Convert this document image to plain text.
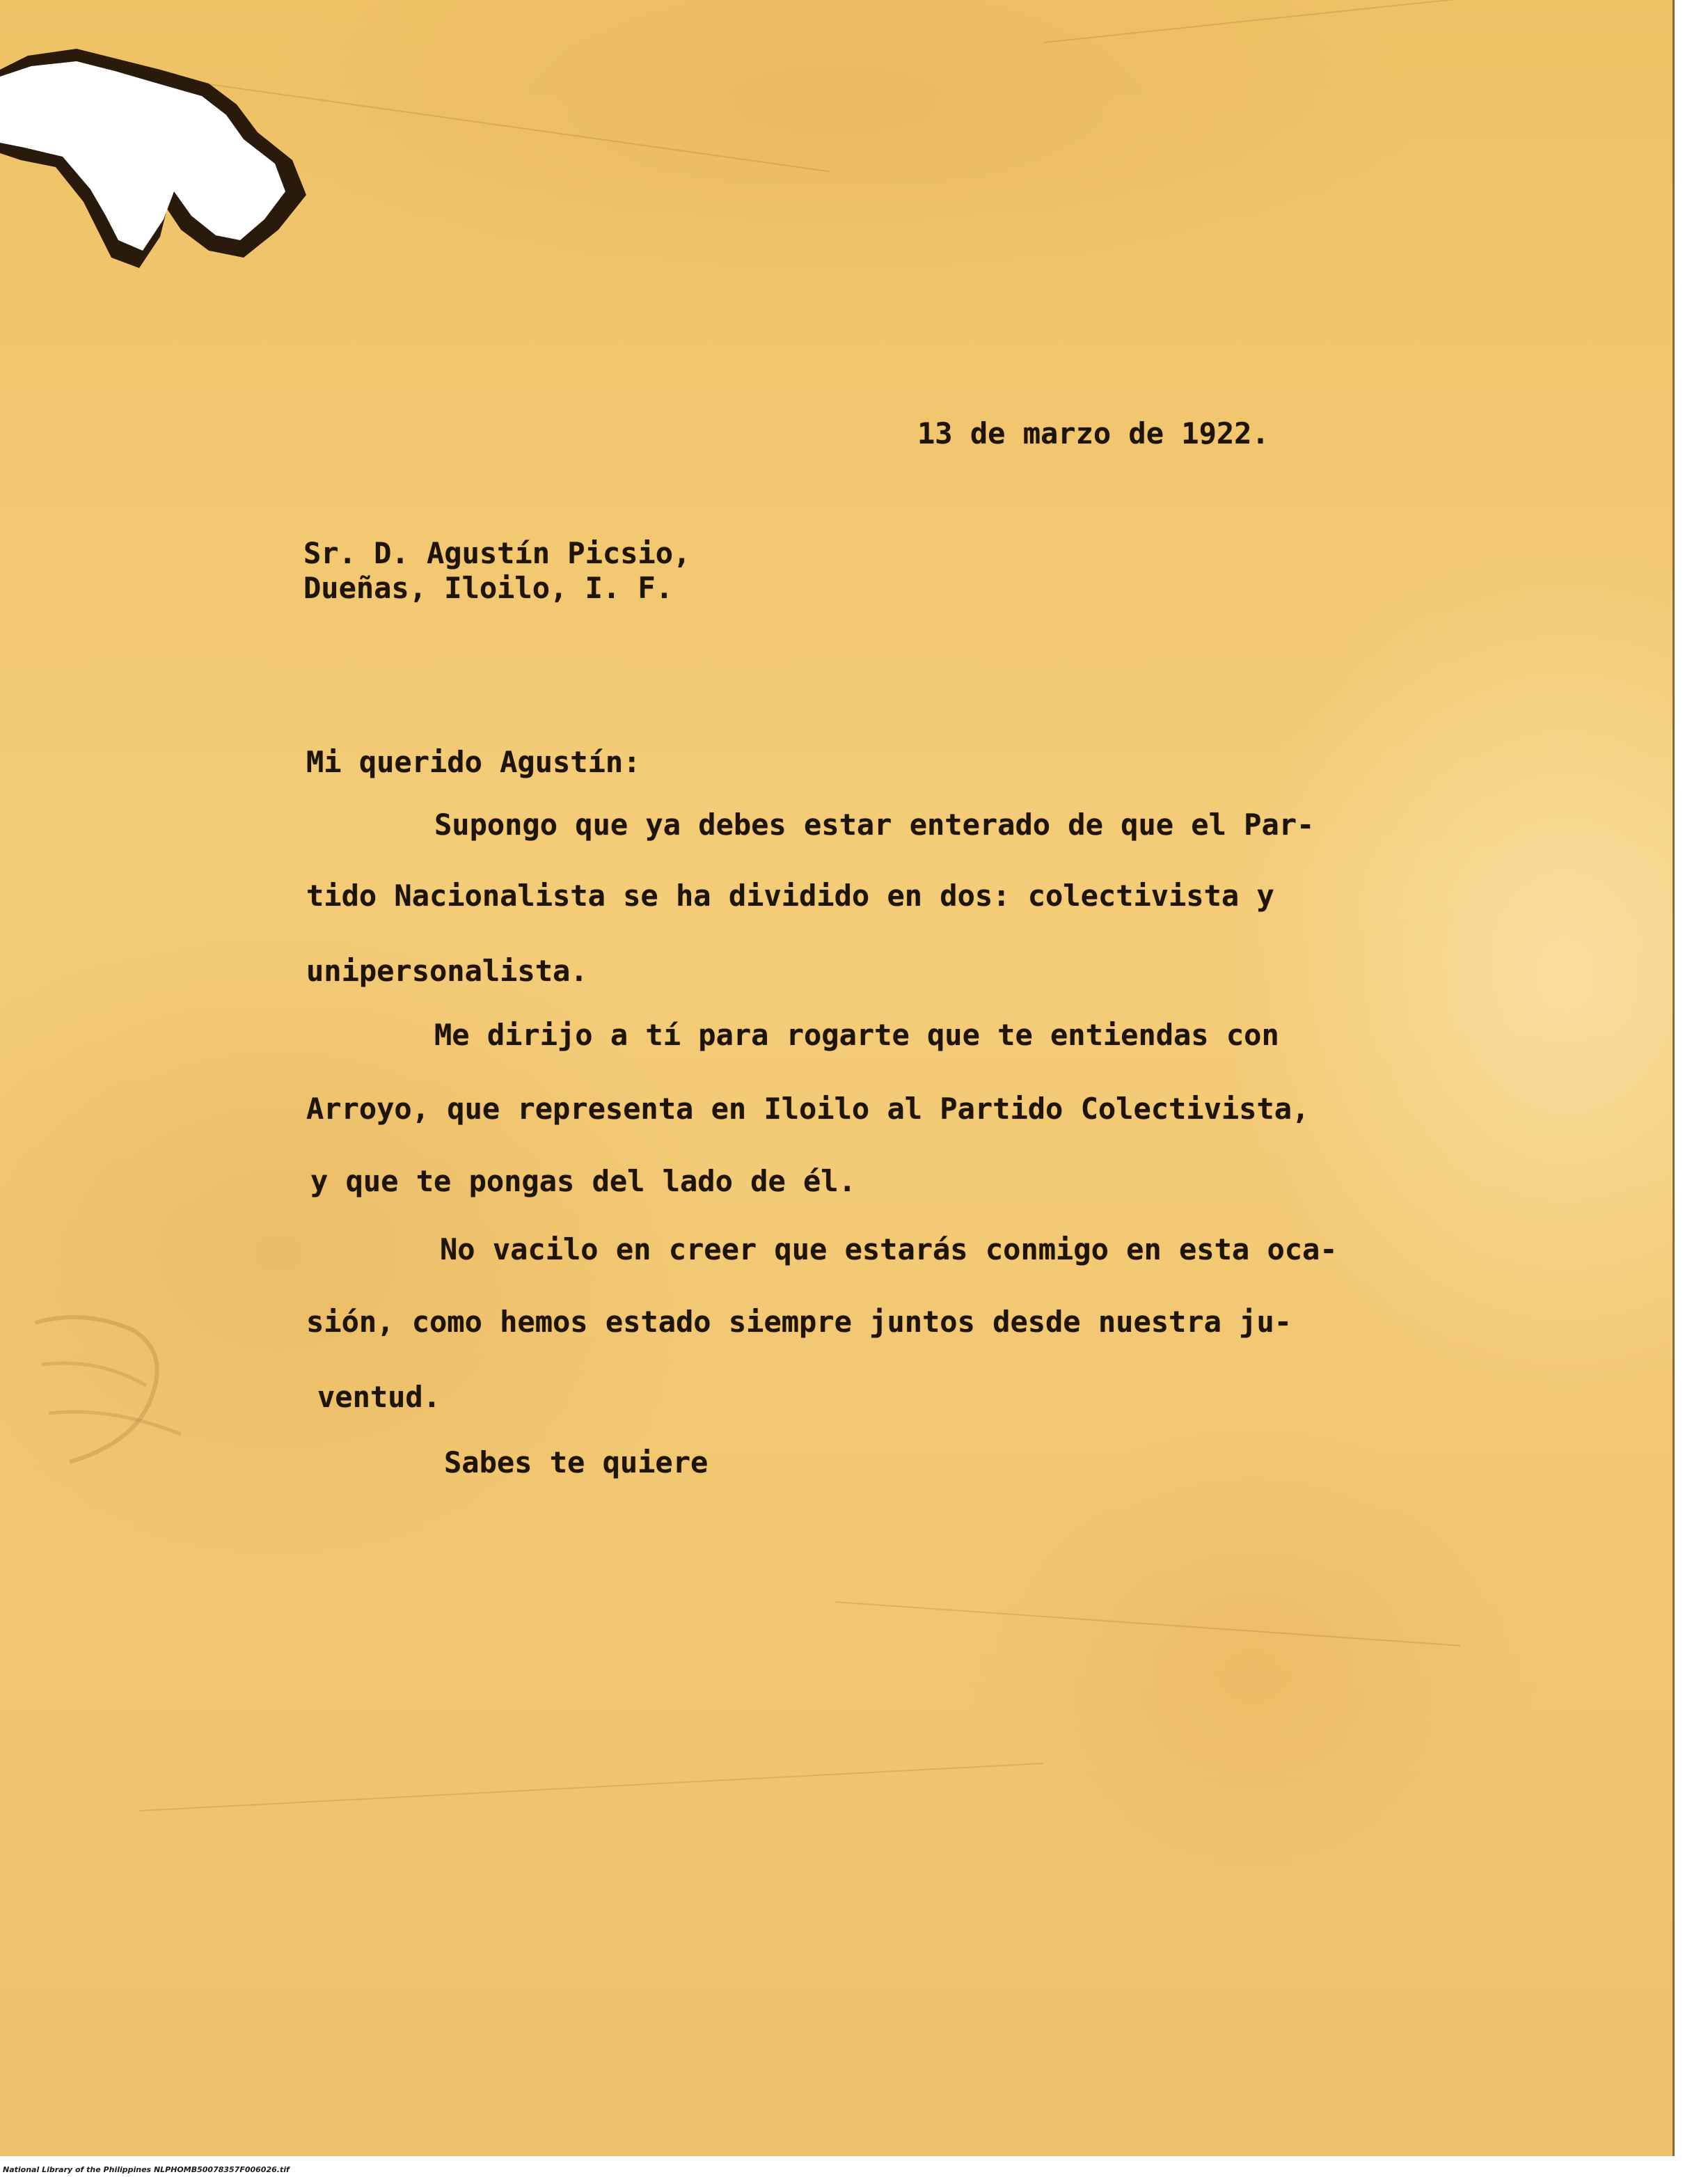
13 de marzo de 1922.
Sr. D. Agustín Picsio,
Dueñas, Iloilo, I. F.
Mi querido Agustín:
Supongo que ya debes estar enterado de que el Par-
tido Nacionalista se ha dividido en dos: colectivista y
unipersonalista.
Me dirijo a tí para rogarte que te entiendas con
Arroyo, que representa en Iloilo al Partido Colectivista,
y que te pongas del lado de él.
No vacilo en creer que estarás conmigo en esta oca-
sión, como hemos estado siempre juntos desde nuestra ju-
ventud.
Sabes te quiere
National Library of the Philippines NLPHOMB50078357F006026.tif
